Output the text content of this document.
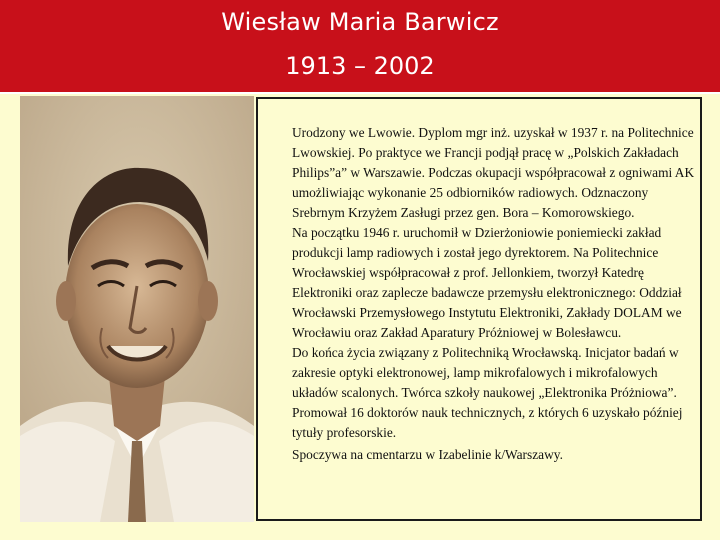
Wiesław Maria Barwicz
1913 – 2002

Urodzony we Lwowie. Dyplom mgr inż. uzyskał w 1937 r. na Politechnice Lwowskiej. Po praktyce we Francji podjął pracę w „Polskich Zakładach Philips”a” w Warszawie. Podczas okupacji współpracował z ogniwami AK umożliwiając wykonanie 25 odbiorników radiowych. Odznaczony Srebrnym Krzyżem Zasługi przez gen. Bora – Komorowskiego.

Na początku 1946 r. uruchomił w Dzierżoniowie poniemiecki zakład produkcji lamp radiowych i został jego dyrektorem. Na Politechnice Wrocławskiej współpracował z prof. Jellonkiem, tworzył Katedrę Elektroniki oraz zaplecze badawcze przemysłu elektronicznego: Oddział Wrocławski Przemysłowego Instytutu Elektroniki, Zakłady DOLAM we Wrocławiu oraz Zakład Aparatury Próżniowej w Bolesławcu.

Do końca życia związany z Politechniką Wrocławską. Inicjator badań w zakresie optyki elektronowej, lamp mikrofalowych i mikrofalowych układów scalonych. Twórca szkoły naukowej „Elektronika Próżniowa”. Promował 16 doktorów nauk technicznych, z których 6 uzyskało później tytuły profesorskie.

Spoczywa na cmentarzu w Izabelinie k/Warszawy.
